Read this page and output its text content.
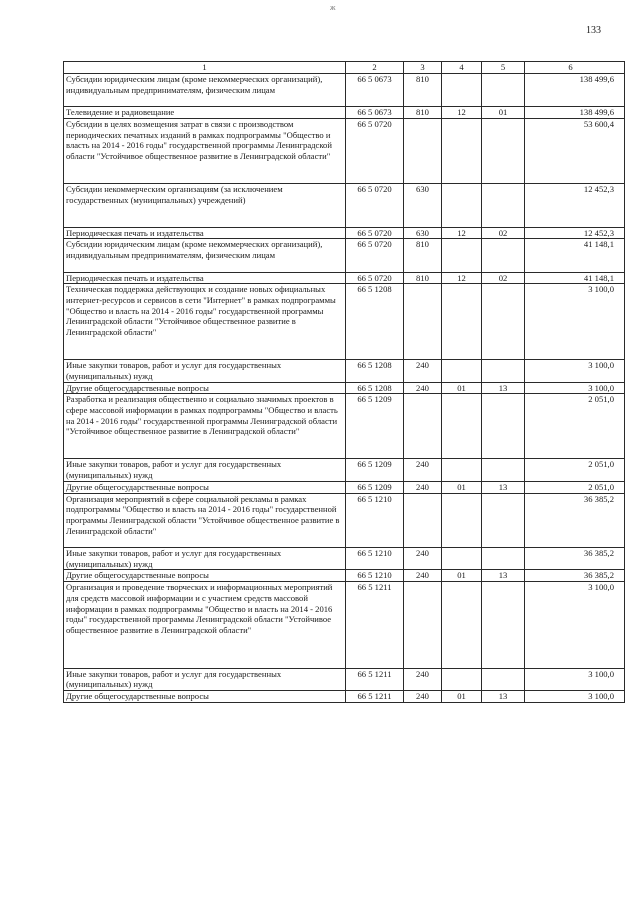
ж
133
1	2	3	4	5	6
Субсидии юридическим лицам (кроме некоммерческих организаций), индивидуальным предпринимателям, физическим лицам	66 5 0673	810			138 499,6
Телевидение и радиовещание	66 5 0673	810	12	01	138 499,6
Субсидии в целях возмещения затрат в связи с производством периодических печатных изданий в рамках подпрограммы "Общество и власть на 2014 - 2016 годы" государственной программы Ленинградской области "Устойчивое общественное развитие в Ленинградской области"	66 5 0720				53 600,4
Субсидии некоммерческим организациям (за исключением государственных (муниципальных) учреждений)	66 5 0720	630			12 452,3
Периодическая печать и издательства	66 5 0720	630	12	02	12 452,3
Субсидии юридическим лицам (кроме некоммерческих организаций), индивидуальным предпринимателям, физическим лицам	66 5 0720	810			41 148,1
Периодическая печать и издательства	66 5 0720	810	12	02	41 148,1
Техническая поддержка действующих и создание новых официальных интернет-ресурсов и сервисов в сети "Интернет" в рамках подпрограммы "Общество и власть на 2014 - 2016 годы" государственной программы Ленинградской области "Устойчивое общественное развитие в Ленинградской области"	66 5 1208				3 100,0
Иные закупки товаров, работ и услуг для государственных (муниципальных) нужд	66 5 1208	240			3 100,0
Другие общегосударственные вопросы	66 5 1208	240	01	13	3 100,0
Разработка и реализация общественно и социально значимых проектов в сфере массовой информации в рамках подпрограммы "Общество и власть на 2014 - 2016 годы" государственной программы Ленинградской области "Устойчивое общественное развитие в Ленинградской области"	66 5 1209				2 051,0
Иные закупки товаров, работ и услуг для государственных (муниципальных) нужд	66 5 1209	240			2 051,0
Другие общегосударственные вопросы	66 5 1209	240	01	13	2 051,0
Организация мероприятий в сфере социальной рекламы в рамках подпрограммы "Общество и власть на 2014 - 2016 годы" государственной программы Ленинградской области "Устойчивое общественное развитие в Ленинградской области"	66 5 1210				36 385,2
Иные закупки товаров, работ и услуг для государственных (муниципальных) нужд	66 5 1210	240			36 385,2
Другие общегосударственные вопросы	66 5 1210	240	01	13	36 385,2
Организация и проведение творческих и информационных мероприятий для средств массовой информации и с участием средств массовой информации в рамках подпрограммы "Общество и власть на 2014 - 2016 годы" государственной программы Ленинградской области "Устойчивое общественное развитие в Ленинградской области"	66 5 1211				3 100,0
Иные закупки товаров, работ и услуг для государственных (муниципальных) нужд	66 5 1211	240			3 100,0
Другие общегосударственные вопросы	66 5 1211	240	01	13	3 100,0
